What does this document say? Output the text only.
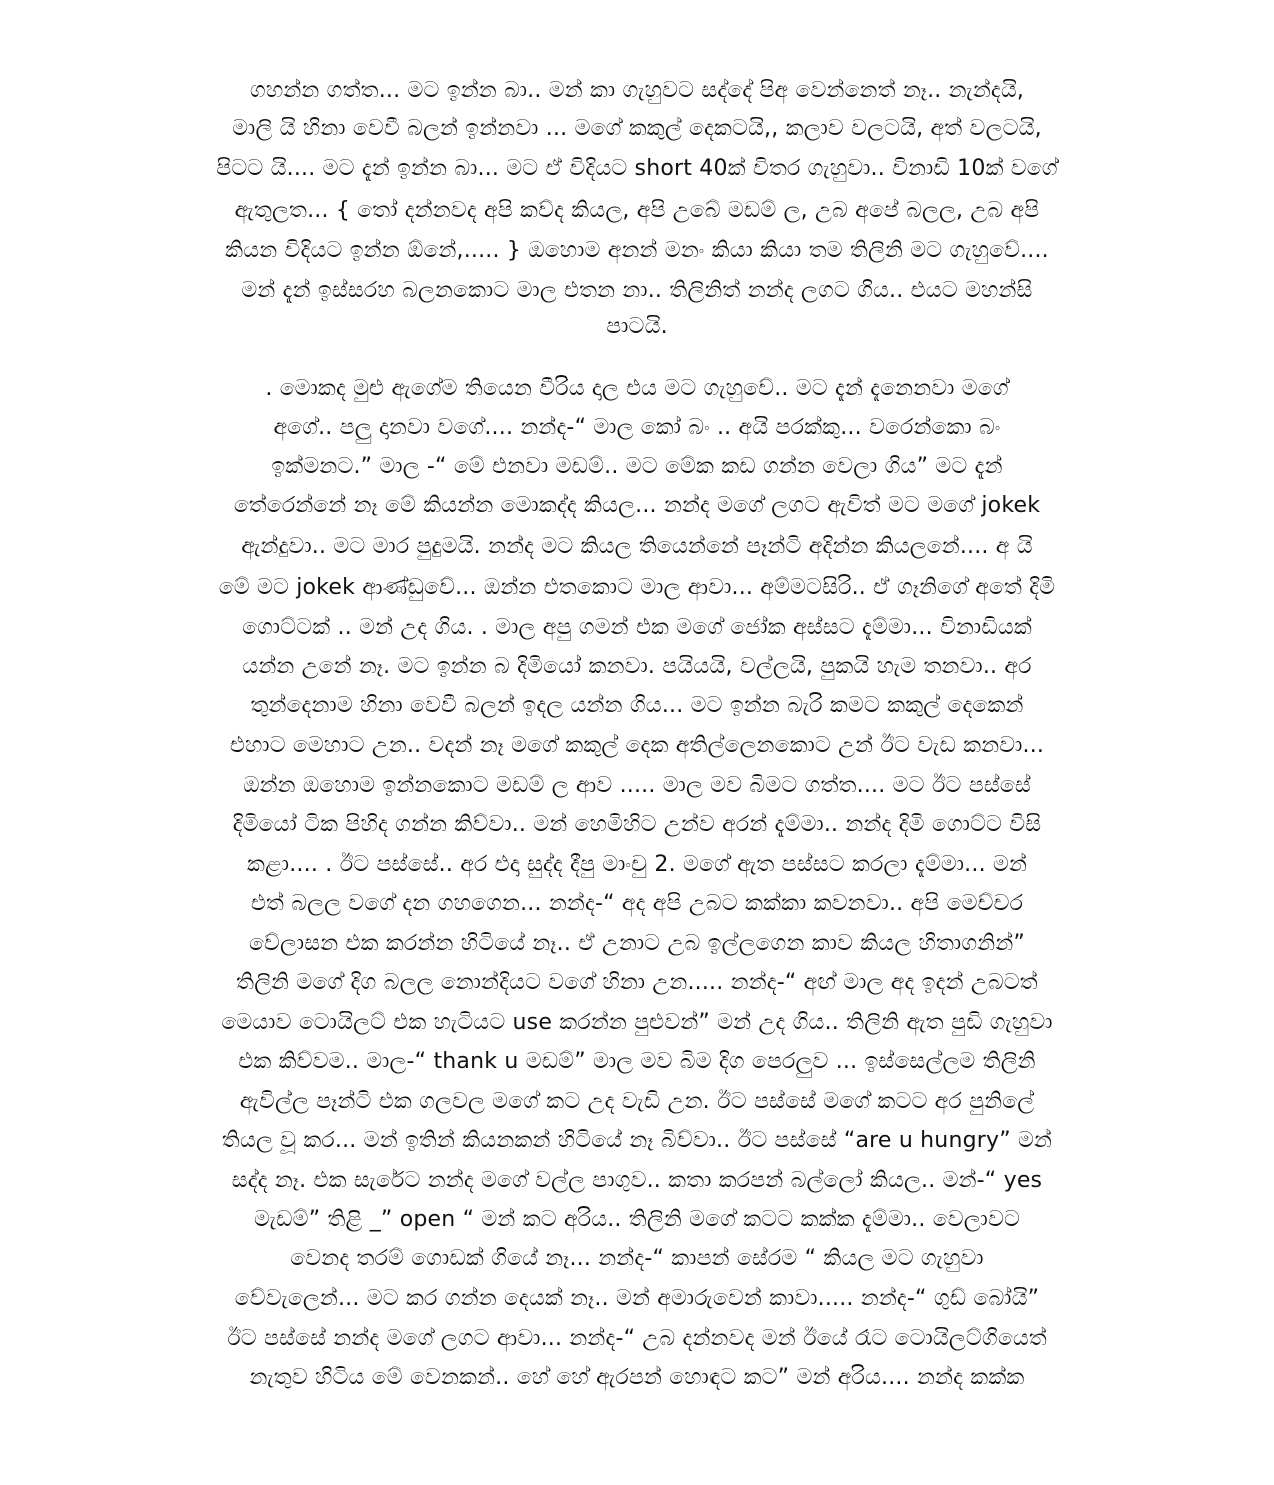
ගහන්න ගත්ත... මට ඉන්න බා.. මන් කා ගැහුවට සද්දේ පිඅ වෙන්නෙත් නෑ.. නැන්දයි,
මාලි යි හිනා වෙවී බලන් ඉන්නවා ... මගේ කකුල් දෙකටයි,, කලාව වලටයි, අත් වලටයි,
පිටට යි.... මට දැන් ඉන්න බා... මට ඒ විදියට short 40ක් විතර ගැහුවා.. විනාඩි 10ක් වගේ
ඇතුලත... { තෝ දන්නවද අපි කව්ද කියල, අපි උබේ මඩම් ල, උබ අපේ බලල, උබ අපි
කියන විදියට ඉන්න ඕනේ,..... } ඔහොම අනන් මනං කියා කියා තම තිලිනි මට ගැහුවේ....
මන් දැන් ඉස්සරහ බලනකොට මාල එතන නා.. තිලිනිත් නන්ද ලගට ගිය.. එයට මහන්සි
පාටයි.
. මොකද මුළු ඇගේම තියෙන වීරිය දාල එය මට ගැහුවේ.. මට දැන් දැනෙනවා මගේ
අගේ.. පලු දානවා වගේ.... නන්ද-“ මාල කෝ බං .. අයි පරක්කු... වරෙන්කො බං
ඉක්මනට.” මාල -“ මේ එනවා මඩම්.. මට මේක කඩ ගන්න වෙලා ගිය” මට දැන්
තේරෙන්නේ නෑ මේ කියන්න මොකද්ද කියල... නන්ද මගේ ලගට ඇවිත් මට මගේ jokek
ඇන්දුවා.. මට මාර පුදුමයි. නන්ද මට කියල තියෙන්නේ පෑන්ටි අදින්න කියලනේ.... අ යි
මේ මට jokek ආණ්ඩුවේ... ඔන්න එතකොට මාල ආවා... අම්මටසිරි.. ඒ ගෑනිගේ අතේ දිමි
ගොට්ටක් .. මන් උද ගිය. . මාල අපු ගමන් එක මගේ ජෝක අස්සට දැම්මා... විනාඩියක්
යන්න උනේ නෑ. මට ඉන්න බ දිමියෝ කනවා. පයියයි, වල්ලයි, පුකයි හැම තනවා.. අර
තුන්දෙනාම හිනා වෙවී බලන් ඉදල යන්න ගිය... මට ඉන්න බැරි කමට කකුල් දෙකෙන්
එහාට මෙහාට උන.. වදන් නෑ මගේ කකුල් දෙක අතිල්ලෙනකොට උන් ඊට වැඩ කනවා...
ඔන්න ඔහොම ඉන්නකොට මඩම් ල ආව ..... මාල මව බිමට ගත්ත.... මට ඊට පස්සේ
දිමියෝ ටික පිහිද ගන්න කිව්වා.. මන් හෙමිහිට උන්ව අරන් දැම්මා.. නන්ද දිමි ගොට්ට විසි
කළා.... . ඊට පස්සේ.. අර එදා සුද්ද දීපු මාංචු 2. මගේ ඇත පස්සට කරලා දැම්මා... මන්
එත් බලල වගේ දන ගහගෙන... නන්ද-“ අද අපි උබට කක්කා කවනවා.. අපි මෙච්චර
වේලාසන එක කරන්න හිටියේ නෑ.. ඒ උනාට උබ ඉල්ලගෙන කාව කියල හිතාගනින්”
තිලිනි මගේ දිග බලල නොන්දියට වගේ හිනා උන..... නන්ද-“ අඟ් මාල අද ඉදන් උබටත්
මෙයාව ටොයිලට් එක හැටියට use කරන්න පුළුවන්” මන් උද ගිය.. තිලිනි ඇත පුඩි ගැහුවා
එක කිව්වම.. මාල-“ thank u මඩම්” මාල මව බිම දිග පෙරලුව ... ඉස්සෙල්ලම තිලිනි
ඇවිල්ල පෑන්ටි එක ගලවල මගේ කට උද වැඩි උන. ඊට පස්සේ මගේ කටට අර පුනිලේ
තියල වූ කර... මන් ඉතින් කියනකන් හිටියේ නෑ බිව්වා.. ඊට පස්සේ “are u hungry” මන්
සද්ද නෑ. එක සැරේට නන්ද මගේ වල්ල පාගුව.. කතා කරපන් බල්ලෝ කියල.. මන්-“ yes
මැඩම්” තිළි _” open “ මන් කට අරිය.. තිලිනි මගේ කටට කක්ක දැම්මා.. වෙලාවට
වෙනද තරම් ගොඩක් ගියේ නෑ... නන්ද-“ කාපන් සේරම “ කියල මට ගැහුවා
වේවැලෙන්... මට කර ගන්න දෙයක් නෑ.. මන් අමාරුවෙන් කාවා..... නන්ද-“ ගුඩ් බෝයි”
ඊට පස්සේ නන්ද මගේ ලගට ආවා... නන්ද-“ උබ දන්නවද මන් ඊයේ රෑට ටොයිලට්ගියෙත්
නැතුව හිටිය මේ වෙනකන්.. හේ හේ ඇරපන් හොඳට කට” මන් අරිය.... නන්ද කක්ක
